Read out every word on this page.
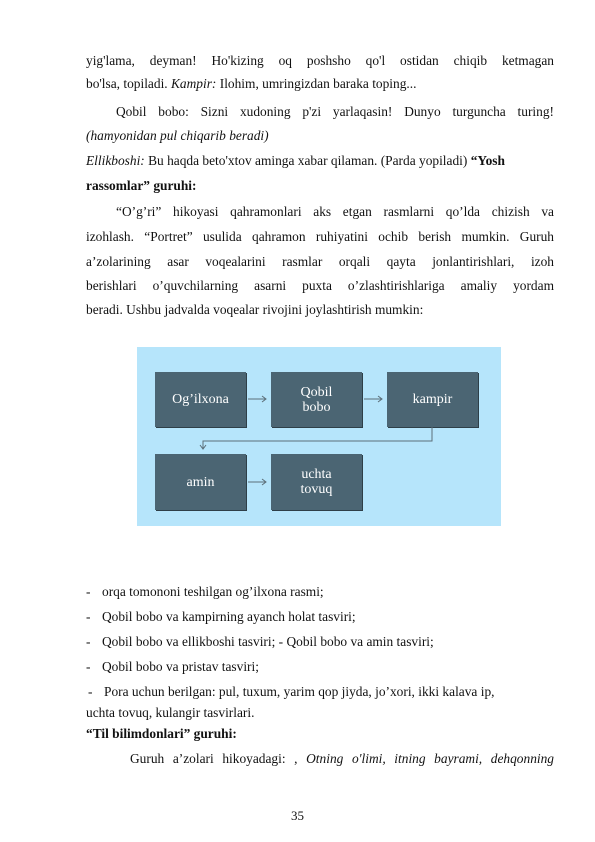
yig'lama, deyman! Ho'kizing oq poshsho qo'l ostidan chiqib ketmagan
bo'lsa, topiladi. Kampir: Ilohim, umringizdan baraka toping...
Qobil bobo: Sizni xudoning p'zi yarlaqasin! Dunyo turguncha turing!
(hamyonidan pul chiqarib beradi)
Ellikboshi: Bu haqda beto'xtov aminga xabar qilaman. (Parda yopiladi) “Yosh
rassomlar” guruhi:
“O’g’ri” hikoyasi qahramonlari aks etgan rasmlarni qo’lda chizish va
izohlash. “Portret” usulida qahramon ruhiyatini ochib berish mumkin. Guruh
a’zolarining asar voqealarini rasmlar orqali qayta jonlantirishlari, izoh
berishlari o’quvchilarning asarni puxta o’zlashtirishlariga amaliy yordam
beradi. Ushbu jadvalda voqealar rivojini joylashtirish mumkin:
Og’ilxona	Qobil
bobo	kampir
amin	uchta
tovuq
- orqa tomononi teshilgan og’ilxona rasmi;
- Qobil bobo va kampirning ayanch holat tasviri;
- Qobil bobo va ellikboshi tasviri; - Qobil bobo va amin tasviri;
- Qobil bobo va pristav tasviri;
- Pora uchun berilgan: pul, tuxum, yarim qop jiyda, jo’xori, ikki kalava ip,
uchta tovuq, kulangir tasvirlari.
“Til bilimdonlari” guruhi:
Guruh a’zolari hikoyadagi: , Otning o'limi, itning bayrami, dehqonning
35
